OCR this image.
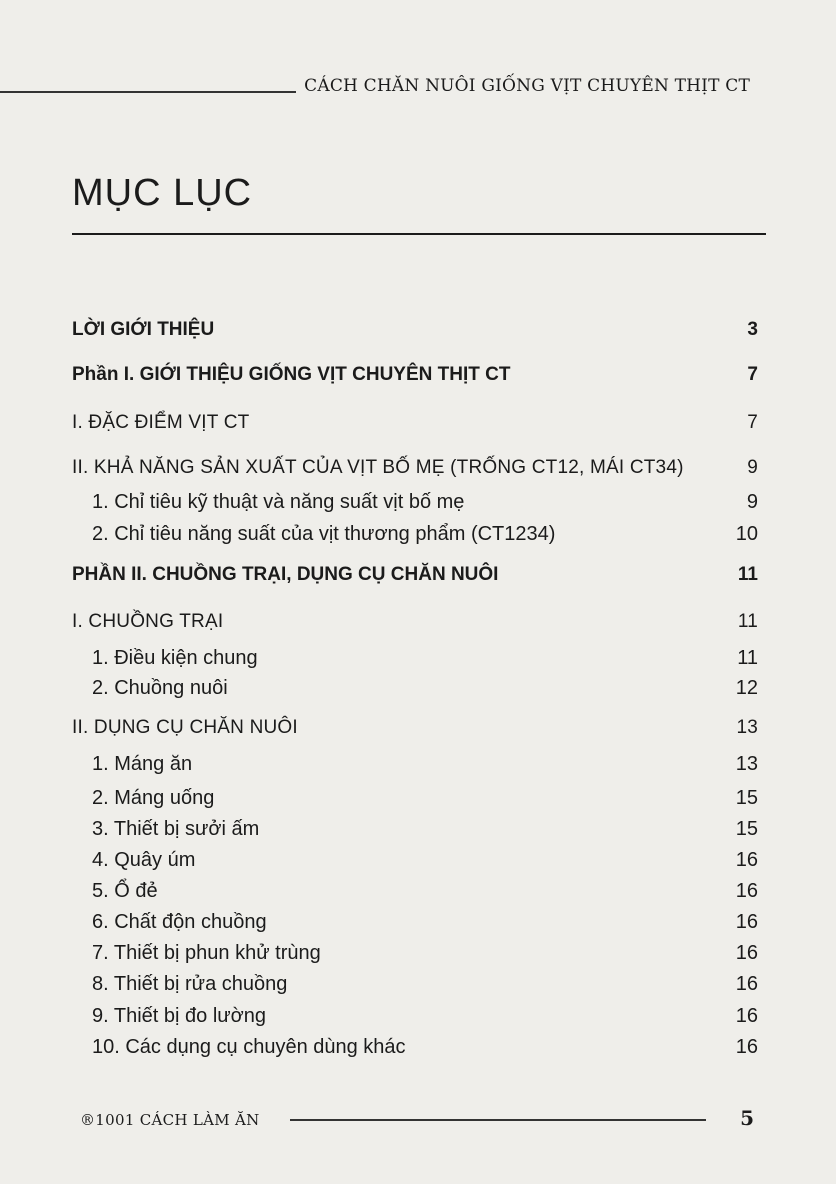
CÁCH CHĂN NUÔI GIỐNG VỊT CHUYÊN THỊT CT
MỤC LỤC
LỜI GIỚI THIỆU	3
Phần I. GIỚI THIỆU GIỐNG VỊT CHUYÊN THỊT CT	7
I. ĐẶC ĐIỂM VỊT CT	7
II. KHẢ NĂNG SẢN XUẤT CỦA VỊT BỐ MẸ (TRỐNG CT12, MÁI CT34)	9
1. Chỉ tiêu kỹ thuật và năng suất vịt bố mẹ	9
2. Chỉ tiêu năng suất của vịt thương phẩm (CT1234)	10
PHẦN II. CHUỒNG TRẠI, DỤNG CỤ CHĂN NUÔI	11
I. CHUỒNG TRẠI	11
1. Điều kiện chung	11
2. Chuồng nuôi	12
II. DỤNG CỤ CHĂN NUÔI	13
1. Máng ăn	13
2. Máng uống	15
3. Thiết bị sưởi ấm	15
4. Quây úm	16
5. Ổ đẻ	16
6. Chất độn chuồng	16
7. Thiết bị phun khử trùng	16
8. Thiết bị rửa chuồng	16
9. Thiết bị đo lường	16
10. Các dụng cụ chuyên dùng khác	16
®1001 CÁCH LÀM ĂN	5
